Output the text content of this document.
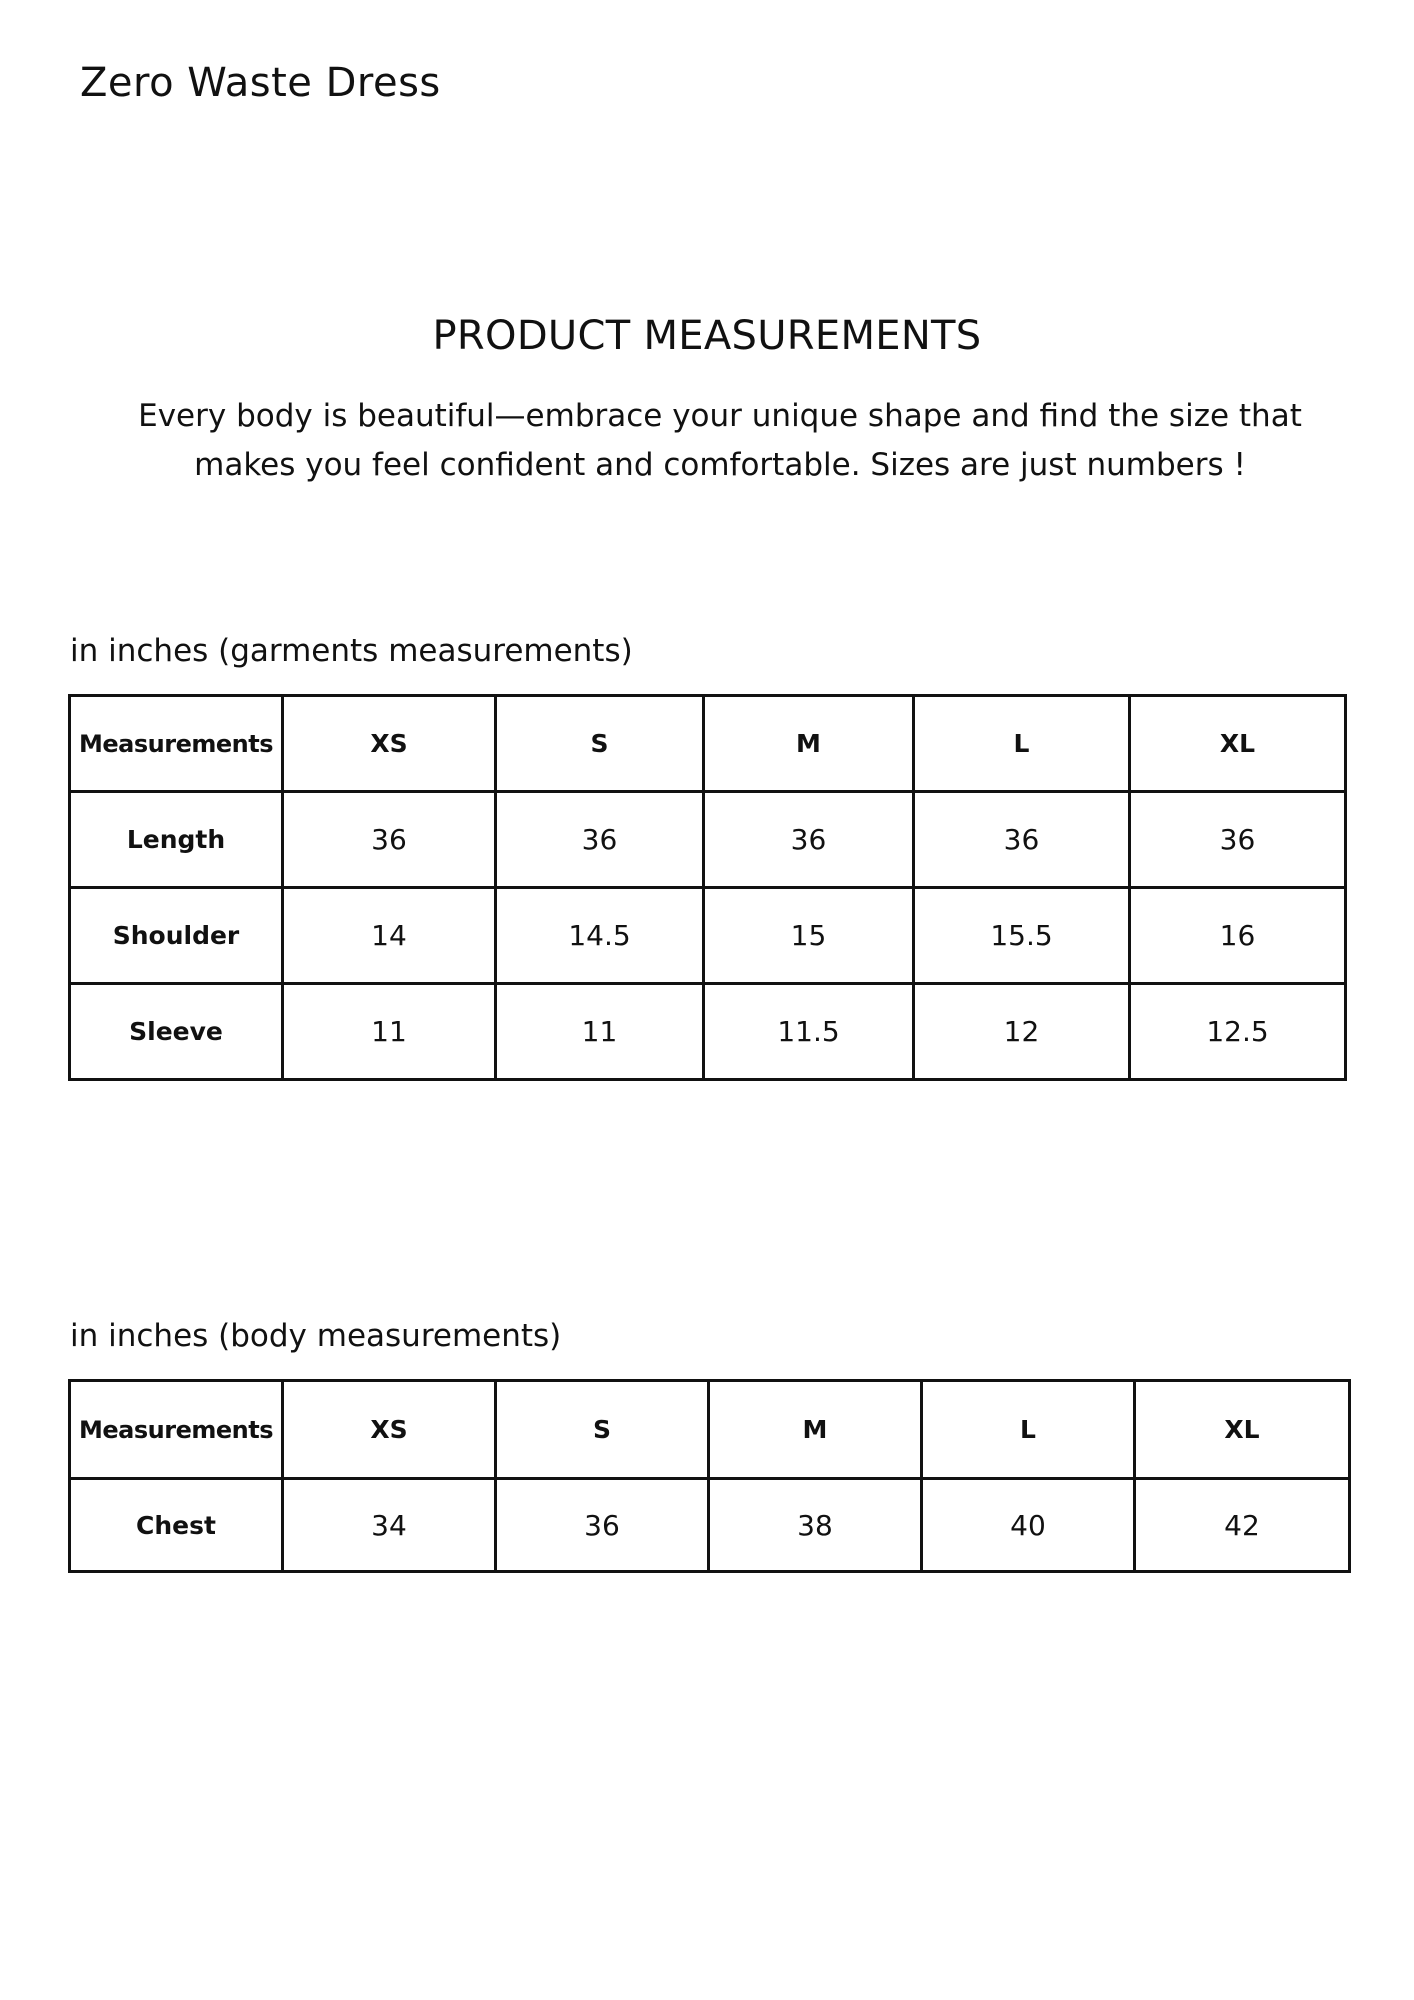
Zero Waste Dress
PRODUCT MEASUREMENTS

Every body is beautiful—embrace your unique shape and find the size that makes you feel confident and comfortable. Sizes are just numbers !

in inches (garments measurements)

Measurements	XS	S	M	L	XL
Length	36	36	36	36	36
Shoulder	14	14.5	15	15.5	16
Sleeve	11	11	11.5	12	12.5

in inches (body measurements)

Measurements	XS	S	M	L	XL
Chest	34	36	38	40	42
